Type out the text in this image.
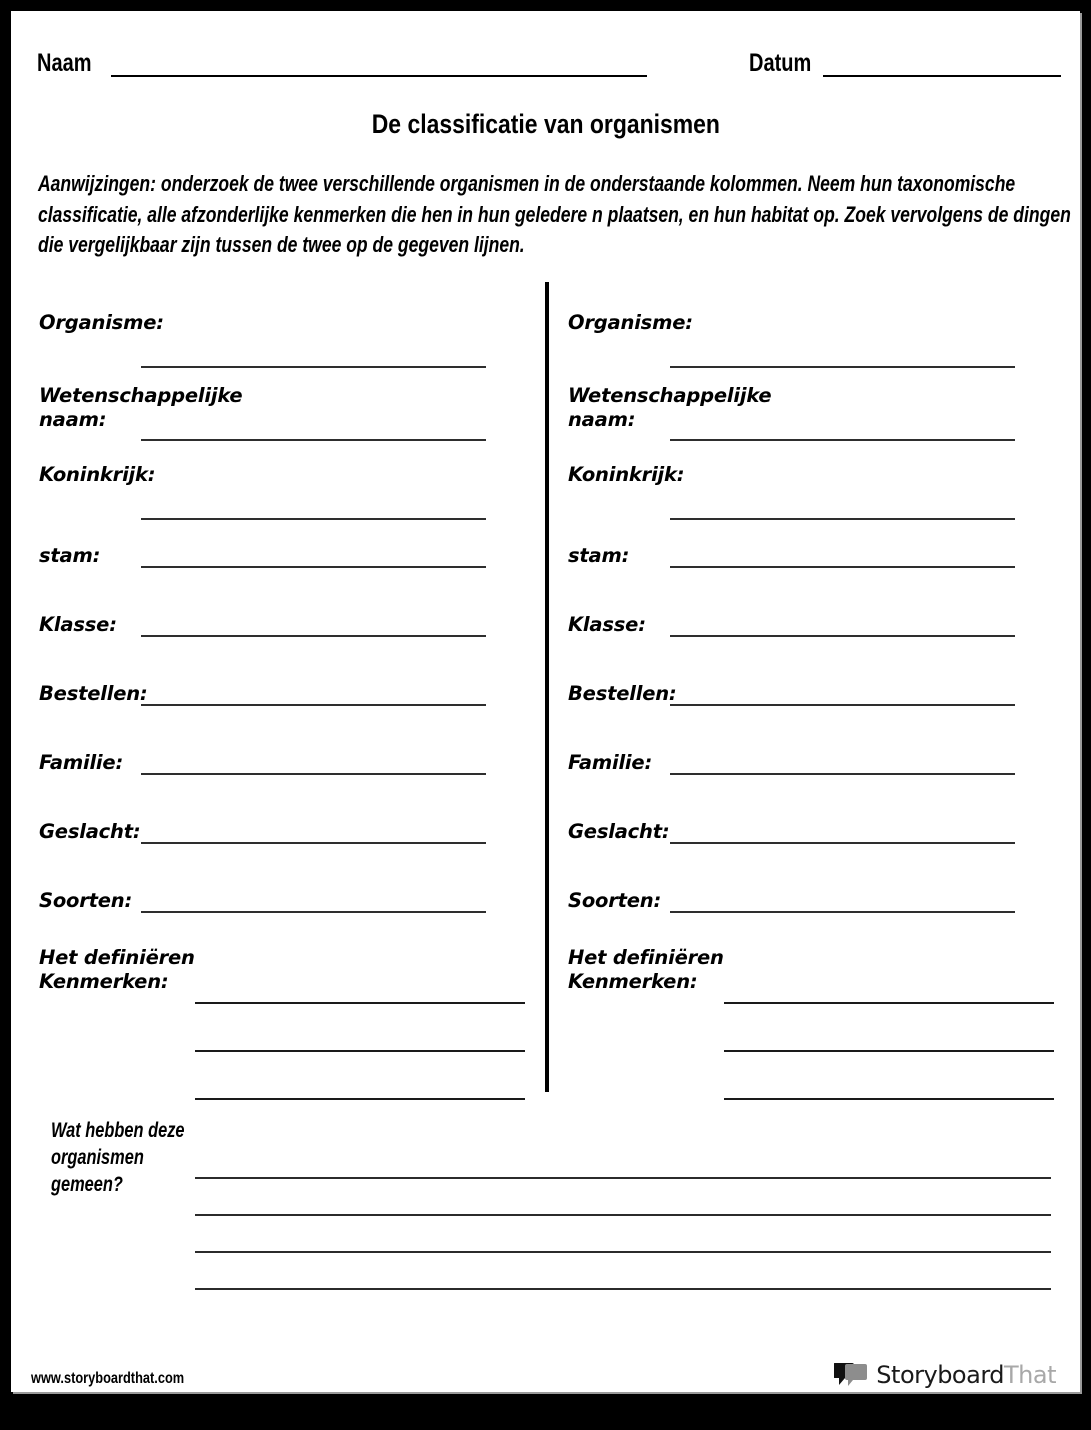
Naam	Datum
De classificatie van organismen
Aanwijzingen: onderzoek de twee verschillende organismen in de onderstaande kolommen. Neem hun taxonomische classificatie, alle afzonderlijke kenmerken die hen in hun geledere n plaatsen, en hun habitat op. Zoek vervolgens de dingen die vergelijkbaar zijn tussen de twee op de gegeven lijnen.
Organisme:
Wetenschappelijke naam:
Koninkrijk:
stam:
Klasse:
Bestellen:
Familie:
Geslacht:
Soorten:
Het definiëren Kenmerken:
Organisme:
Wetenschappelijke naam:
Koninkrijk:
stam:
Klasse:
Bestellen:
Familie:
Geslacht:
Soorten:
Het definiëren Kenmerken:
Wat hebben deze organismen gemeen?
www.storyboardthat.com	StoryboardThat
